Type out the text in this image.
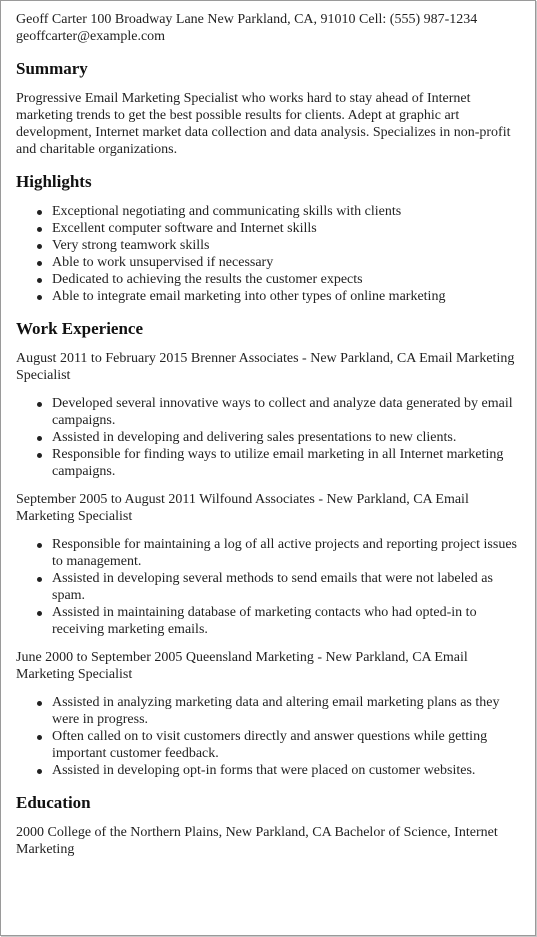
Geoff Carter 100 Broadway Lane New Parkland, CA, 91010 Cell: (555) 987-1234 geoffcarter@example.com
Summary

Progressive Email Marketing Specialist who works hard to stay ahead of Internet marketing trends to get the best possible results for clients. Adept at graphic art development, Internet market data collection and data analysis. Specializes in non-profit and charitable organizations.

Highlights
Exceptional negotiating and communicating skills with clients
Excellent computer software and Internet skills
Very strong teamwork skills
Able to work unsupervised if necessary
Dedicated to achieving the results the customer expects
Able to integrate email marketing into other types of online marketing
Work Experience

August 2011 to February 2015 Brenner Associates - New Parkland, CA Email Marketing Specialist

Developed several innovative ways to collect and analyze data generated by email campaigns.
Assisted in developing and delivering sales presentations to new clients.
Responsible for finding ways to utilize email marketing in all Internet marketing campaigns.

September 2005 to August 2011 Wilfound Associates - New Parkland, CA Email Marketing Specialist

Responsible for maintaining a log of all active projects and reporting project issues to management.
Assisted in developing several methods to send emails that were not labeled as spam.
Assisted in maintaining database of marketing contacts who had opted-in to receiving marketing emails.

June 2000 to September 2005 Queensland Marketing - New Parkland, CA Email Marketing Specialist

Assisted in analyzing marketing data and altering email marketing plans as they were in progress.
Often called on to visit customers directly and answer questions while getting important customer feedback.
Assisted in developing opt-in forms that were placed on customer websites.
Education

2000 College of the Northern Plains, New Parkland, CA Bachelor of Science, Internet Marketing
